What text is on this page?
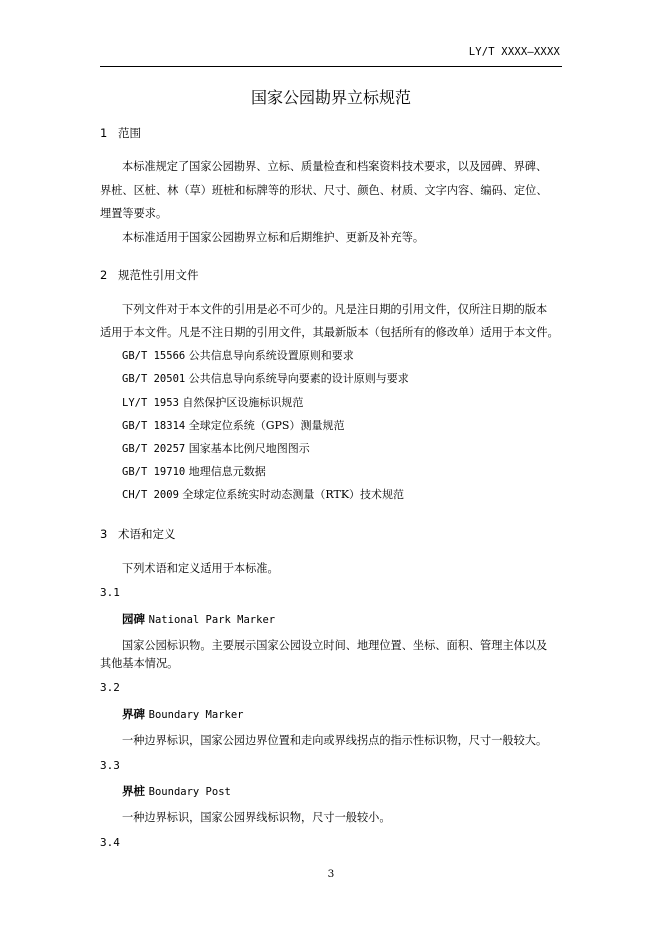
LY/T XXXX—XXXX
国家公园勘界立标规范
1 范围
本标准规定了国家公园勘界、立标、质量检查和档案资料技术要求，以及园碑、界碑、
界桩、区桩、林（草）班桩和标牌等的形状、尺寸、颜色、材质、文字内容、编码、定位、
埋置等要求。
本标准适用于国家公园勘界立标和后期维护、更新及补充等。
2 规范性引用文件
下列文件对于本文件的引用是必不可少的。凡是注日期的引用文件，仅所注日期的版本
适用于本文件。凡是不注日期的引用文件，其最新版本（包括所有的修改单）适用于本文件。
GB/T 15566 公共信息导向系统设置原则和要求
GB/T 20501 公共信息导向系统导向要素的设计原则与要求
LY/T 1953 自然保护区设施标识规范
GB/T 18314 全球定位系统（GPS）测量规范
GB/T 20257 国家基本比例尺地图图示
GB/T 19710 地理信息元数据
CH/T 2009 全球定位系统实时动态测量（RTK）技术规范
3 术语和定义
下列术语和定义适用于本标准。
3.1
园碑 National Park Marker
国家公园标识物。主要展示国家公园设立时间、地理位置、坐标、面积、管理主体以及
其他基本情况。
3.2
界碑 Boundary Marker
一种边界标识，国家公园边界位置和走向或界线拐点的指示性标识物，尺寸一般较大。
3.3
界桩 Boundary Post
一种边界标识，国家公园界线标识物，尺寸一般较小。
3.4
3
